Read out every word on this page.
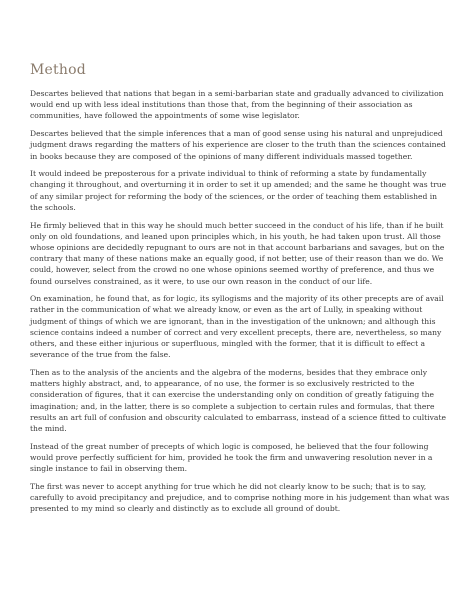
Method

Descartes believed that nations that began in a semi-barbarian state and gradually advanced to civilization would end up with less ideal institutions than those that, from the beginning of their association as communities, have followed the appointments of some wise legislator.

Descartes believed that the simple inferences that a man of good sense using his natural and unprejudiced judgment draws regarding the matters of his experience are closer to the truth than the sciences contained in books because they are composed of the opinions of many different individuals massed together.

It would indeed be preposterous for a private individual to think of reforming a state by fundamentally changing it throughout, and overturning it in order to set it up amended; and the same he thought was true of any similar project for reforming the body of the sciences, or the order of teaching them established in the schools.

He firmly believed that in this way he should much better succeed in the conduct of his life, than if he built only on old foundations, and leaned upon principles which, in his youth, he had taken upon trust. All those whose opinions are decidedly repugnant to ours are not in that account barbarians and savages, but on the contrary that many of these nations make an equally good, if not better, use of their reason than we do. We could, however, select from the crowd no one whose opinions seemed worthy of preference, and thus we found ourselves constrained, as it were, to use our own reason in the conduct of our life.

On examination, he found that, as for logic, its syllogisms and the majority of its other precepts are of avail rather in the communication of what we already know, or even as the art of Lully, in speaking without judgment of things of which we are ignorant, than in the investigation of the unknown; and although this science contains indeed a number of correct and very excellent precepts, there are, nevertheless, so many others, and these either injurious or superfluous, mingled with the former, that it is difficult to effect a severance of the true from the false.

Then as to the analysis of the ancients and the algebra of the moderns, besides that they embrace only matters highly abstract, and, to appearance, of no use, the former is so exclusively restricted to the consideration of figures, that it can exercise the understanding only on condition of greatly fatiguing the imagination; and, in the latter, there is so complete a subjection to certain rules and formulas, that there results an art full of confusion and obscurity calculated to embarrass, instead of a science fitted to cultivate the mind.

Instead of the great number of precepts of which logic is composed, he believed that the four following would prove perfectly sufficient for him, provided he took the firm and unwavering resolution never in a single instance to fail in observing them.

The first was never to accept anything for true which he did not clearly know to be such; that is to say, carefully to avoid precipitancy and prejudice, and to comprise nothing more in his judgement than what was presented to my mind so clearly and distinctly as to exclude all ground of doubt.
